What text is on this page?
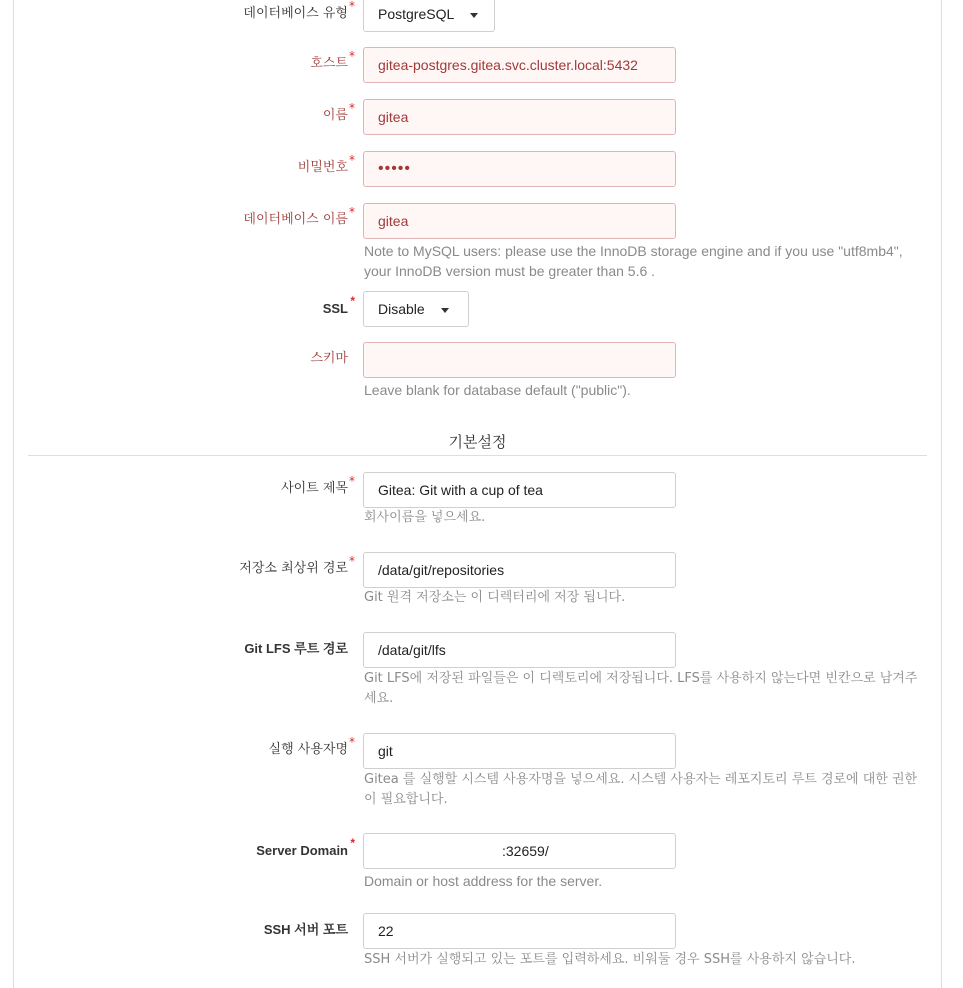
데이터베이스 유형 *	PostgreSQL
호스트 *
gitea-postgres.gitea.svc.cluster.local:5432
이름 *
gitea
비밀번호 *	•••••
데이터베이스 이름 *
gitea
Note to MySQL users: please use the InnoDB storage engine and if you use "utf8mb4", your InnoDB version must be greater than 5.6 .
SSL *	Disable
스키마
Leave blank for database default ("public").
기본설정
사이트 제목 *
Gitea: Git with a cup of tea
회사이름을 넣으세요.
저장소 최상위 경로 *
/data/git/repositories
Git 원격 저장소는 이 디렉터리에 저장 됩니다.
Git LFS 루트 경로	/data/git/lfs
Git LFS에 저장된 파일들은 이 디렉토리에 저장됩니다. LFS를 사용하지 않는다면 빈칸으로 남겨주세요.
실행 사용자명 *
git
Gitea 를 실행할 시스템 사용자명을 넣으세요. 시스템 사용자는 레포지토리 루트 경로에 대한 권한이 필요합니다.
Server Domain *	:32659/
Domain or host address for the server.
SSH 서버 포트	22
SSH 서버가 실행되고 있는 포트를 입력하세요. 비워둘 경우 SSH를 사용하지 않습니다.
